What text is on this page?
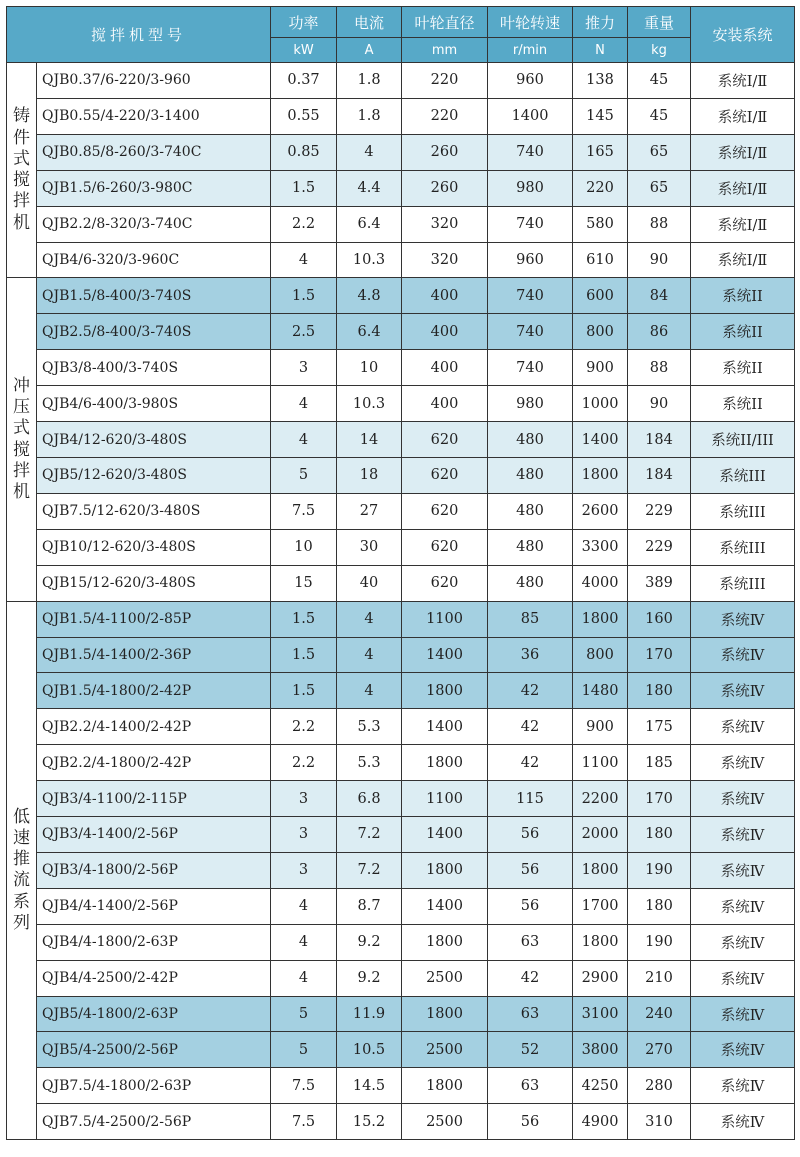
搅拌机型号		功率	电流	叶轮直径	叶轮转速	推力	重量	安装系统
		kW	A	mm	r/min	N	kg	
铸件式搅拌机	QJB0.37/6-220/3-960	0.37	1.8	220	960	138	45	系统Ⅰ/Ⅱ
	QJB0.55/4-220/3-1400	0.55	1.8	220	1400	145	45	系统Ⅰ/Ⅱ
	QJB0.85/8-260/3-740C	0.85	4	260	740	165	65	系统Ⅰ/Ⅱ
	QJB1.5/6-260/3-980C	1.5	4.4	260	980	220	65	系统Ⅰ/Ⅱ
	QJB2.2/8-320/3-740C	2.2	6.4	320	740	580	88	系统I/Ⅱ
	QJB4/6-320/3-960C	4	10.3	320	960	610	90	系统I/Ⅱ
冲压式搅拌机	QJB1.5/8-400/3-740S	1.5	4.8	400	740	600	84	系统II
	QJB2.5/8-400/3-740S	2.5	6.4	400	740	800	86	系统II
	QJB3/8-400/3-740S	3	10	400	740	900	88	系统II
	QJB4/6-400/3-980S	4	10.3	400	980	1000	90	系统II
	QJB4/12-620/3-480S	4	14	620	480	1400	184	系统II/III
	QJB5/12-620/3-480S	5	18	620	480	1800	184	系统III
	QJB7.5/12-620/3-480S	7.5	27	620	480	2600	229	系统III
	QJB10/12-620/3-480S	10	30	620	480	3300	229	系统III
	QJB15/12-620/3-480S	15	40	620	480	4000	389	系统III
低速推流系列	QJB1.5/4-1100/2-85P	1.5	4	1100	85	1800	160	系统Ⅳ
	QJB1.5/4-1400/2-36P	1.5	4	1400	36	800	170	系统Ⅳ
	QJB1.5/4-1800/2-42P	1.5	4	1800	42	1480	180	系统Ⅳ
	QJB2.2/4-1400/2-42P	2.2	5.3	1400	42	900	175	系统Ⅳ
	QJB2.2/4-1800/2-42P	2.2	5.3	1800	42	1100	185	系统Ⅳ
	QJB3/4-1100/2-115P	3	6.8	1100	115	2200	170	系统Ⅳ
	QJB3/4-1400/2-56P	3	7.2	1400	56	2000	180	系统Ⅳ
	QJB3/4-1800/2-56P	3	7.2	1800	56	1800	190	系统Ⅳ
	QJB4/4-1400/2-56P	4	8.7	1400	56	1700	180	系统Ⅳ
	QJB4/4-1800/2-63P	4	9.2	1800	63	1800	190	系统Ⅳ
	QJB4/4-2500/2-42P	4	9.2	2500	42	2900	210	系统Ⅳ
	QJB5/4-1800/2-63P	5	11.9	1800	63	3100	240	系统Ⅳ
	QJB5/4-2500/2-56P	5	10.5	2500	52	3800	270	系统Ⅳ
	QJB7.5/4-1800/2-63P	7.5	14.5	1800	63	4250	280	系统Ⅳ
	QJB7.5/4-2500/2-56P	7.5	15.2	2500	56	4900	310	系统Ⅳ
